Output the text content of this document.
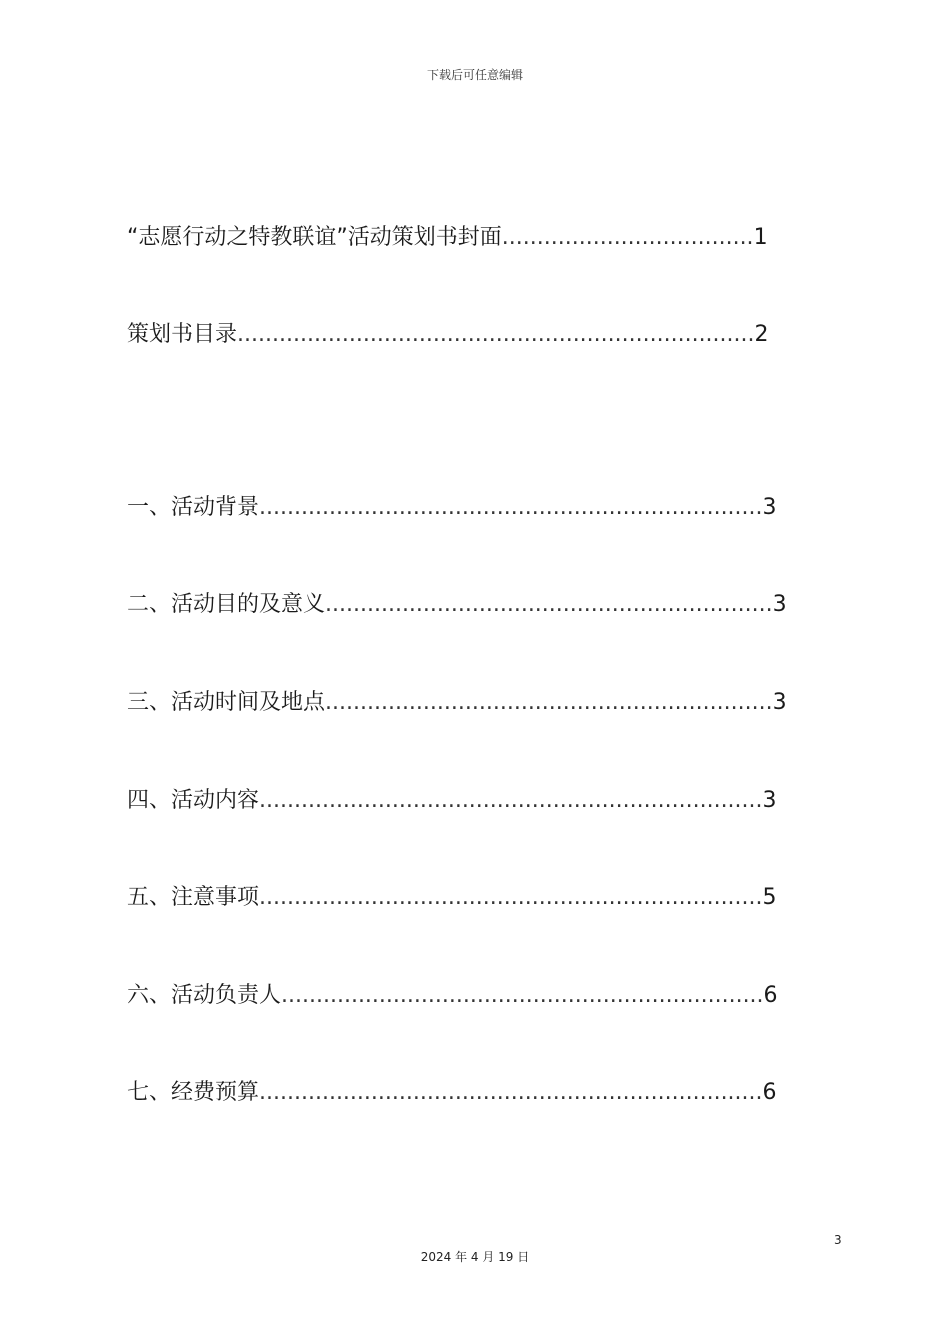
下载后可任意编辑
“志愿行动之特教联谊”活动策划书封面....................................1
策划书目录..........................................................................2
一、活动背景........................................................................3
二、活动目的及意义................................................................3
三、活动时间及地点................................................................3
四、活动内容........................................................................3
五、注意事项........................................................................5
六、活动负责人.....................................................................6
七、经费预算........................................................................6
3
2024 年 4 月 19 日
